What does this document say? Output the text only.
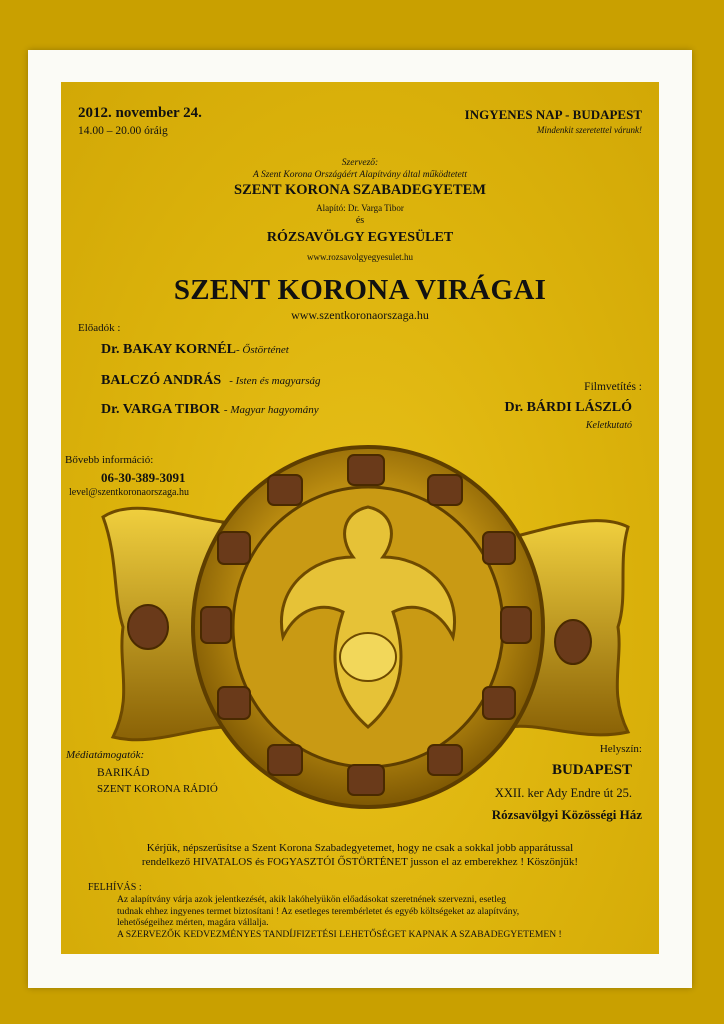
2012. november 24.
14.00 – 20.00 óráig
INGYENES NAP - BUDAPEST
Mindenkit szeretettel várunk!
Szervező:
A Szent Korona Országáért Alapítvány által működtetett
SZENT KORONA SZABADEGYETEM
Alapító: Dr. Varga Tibor
és
RÓZSAVÖLGY EGYESÜLET
www.rozsavolgyegyesulet.hu
SZENT KORONA VIRÁGAI
www.szentkoronaorszaga.hu
Előadók :
Dr. BAKAY KORNÉL- Őstörténet
BALCZÓ ANDRÁS - Isten és magyarság
Dr. VARGA TIBOR - Magyar hagyomány
Filmvetítés :
Dr. BÁRDI LÁSZLÓ
Keletkutató
Bővebb információ:
06-30-389-3091
level@szentkoronaorszaga.hu
Médiatámogatók:
BARIKÁD
SZENT KORONA RÁDIÓ
Helyszín:
BUDAPEST
XXII. ker Ady Endre út 25.
Rózsavölgyi Közösségi Ház
Kérjük, népszerűsítse a Szent Korona Szabadegyetemet, hogy ne csak a sokkal jobb apparátussal
rendelkező HIVATALOS és FOGYASZTÓI ŐSTÖRTÉNET jusson el az emberekhez ! Köszönjük!
FELHÍVÁS :
Az alapítvány várja azok jelentkezését, akik lakóhelyükön előadásokat szeretnének szervezni, esetleg
tudnak ehhez ingyenes termet biztosítani ! Az esetleges terembérletet és egyéb költségeket az alapítvány,
lehetőségeihez mérten, magára vállalja.
A SZERVEZŐK KEDVEZMÉNYES TANDÍJFIZETÉSI LEHETŐSÉGET KAPNAK A SZABADEGYETEMEN !
